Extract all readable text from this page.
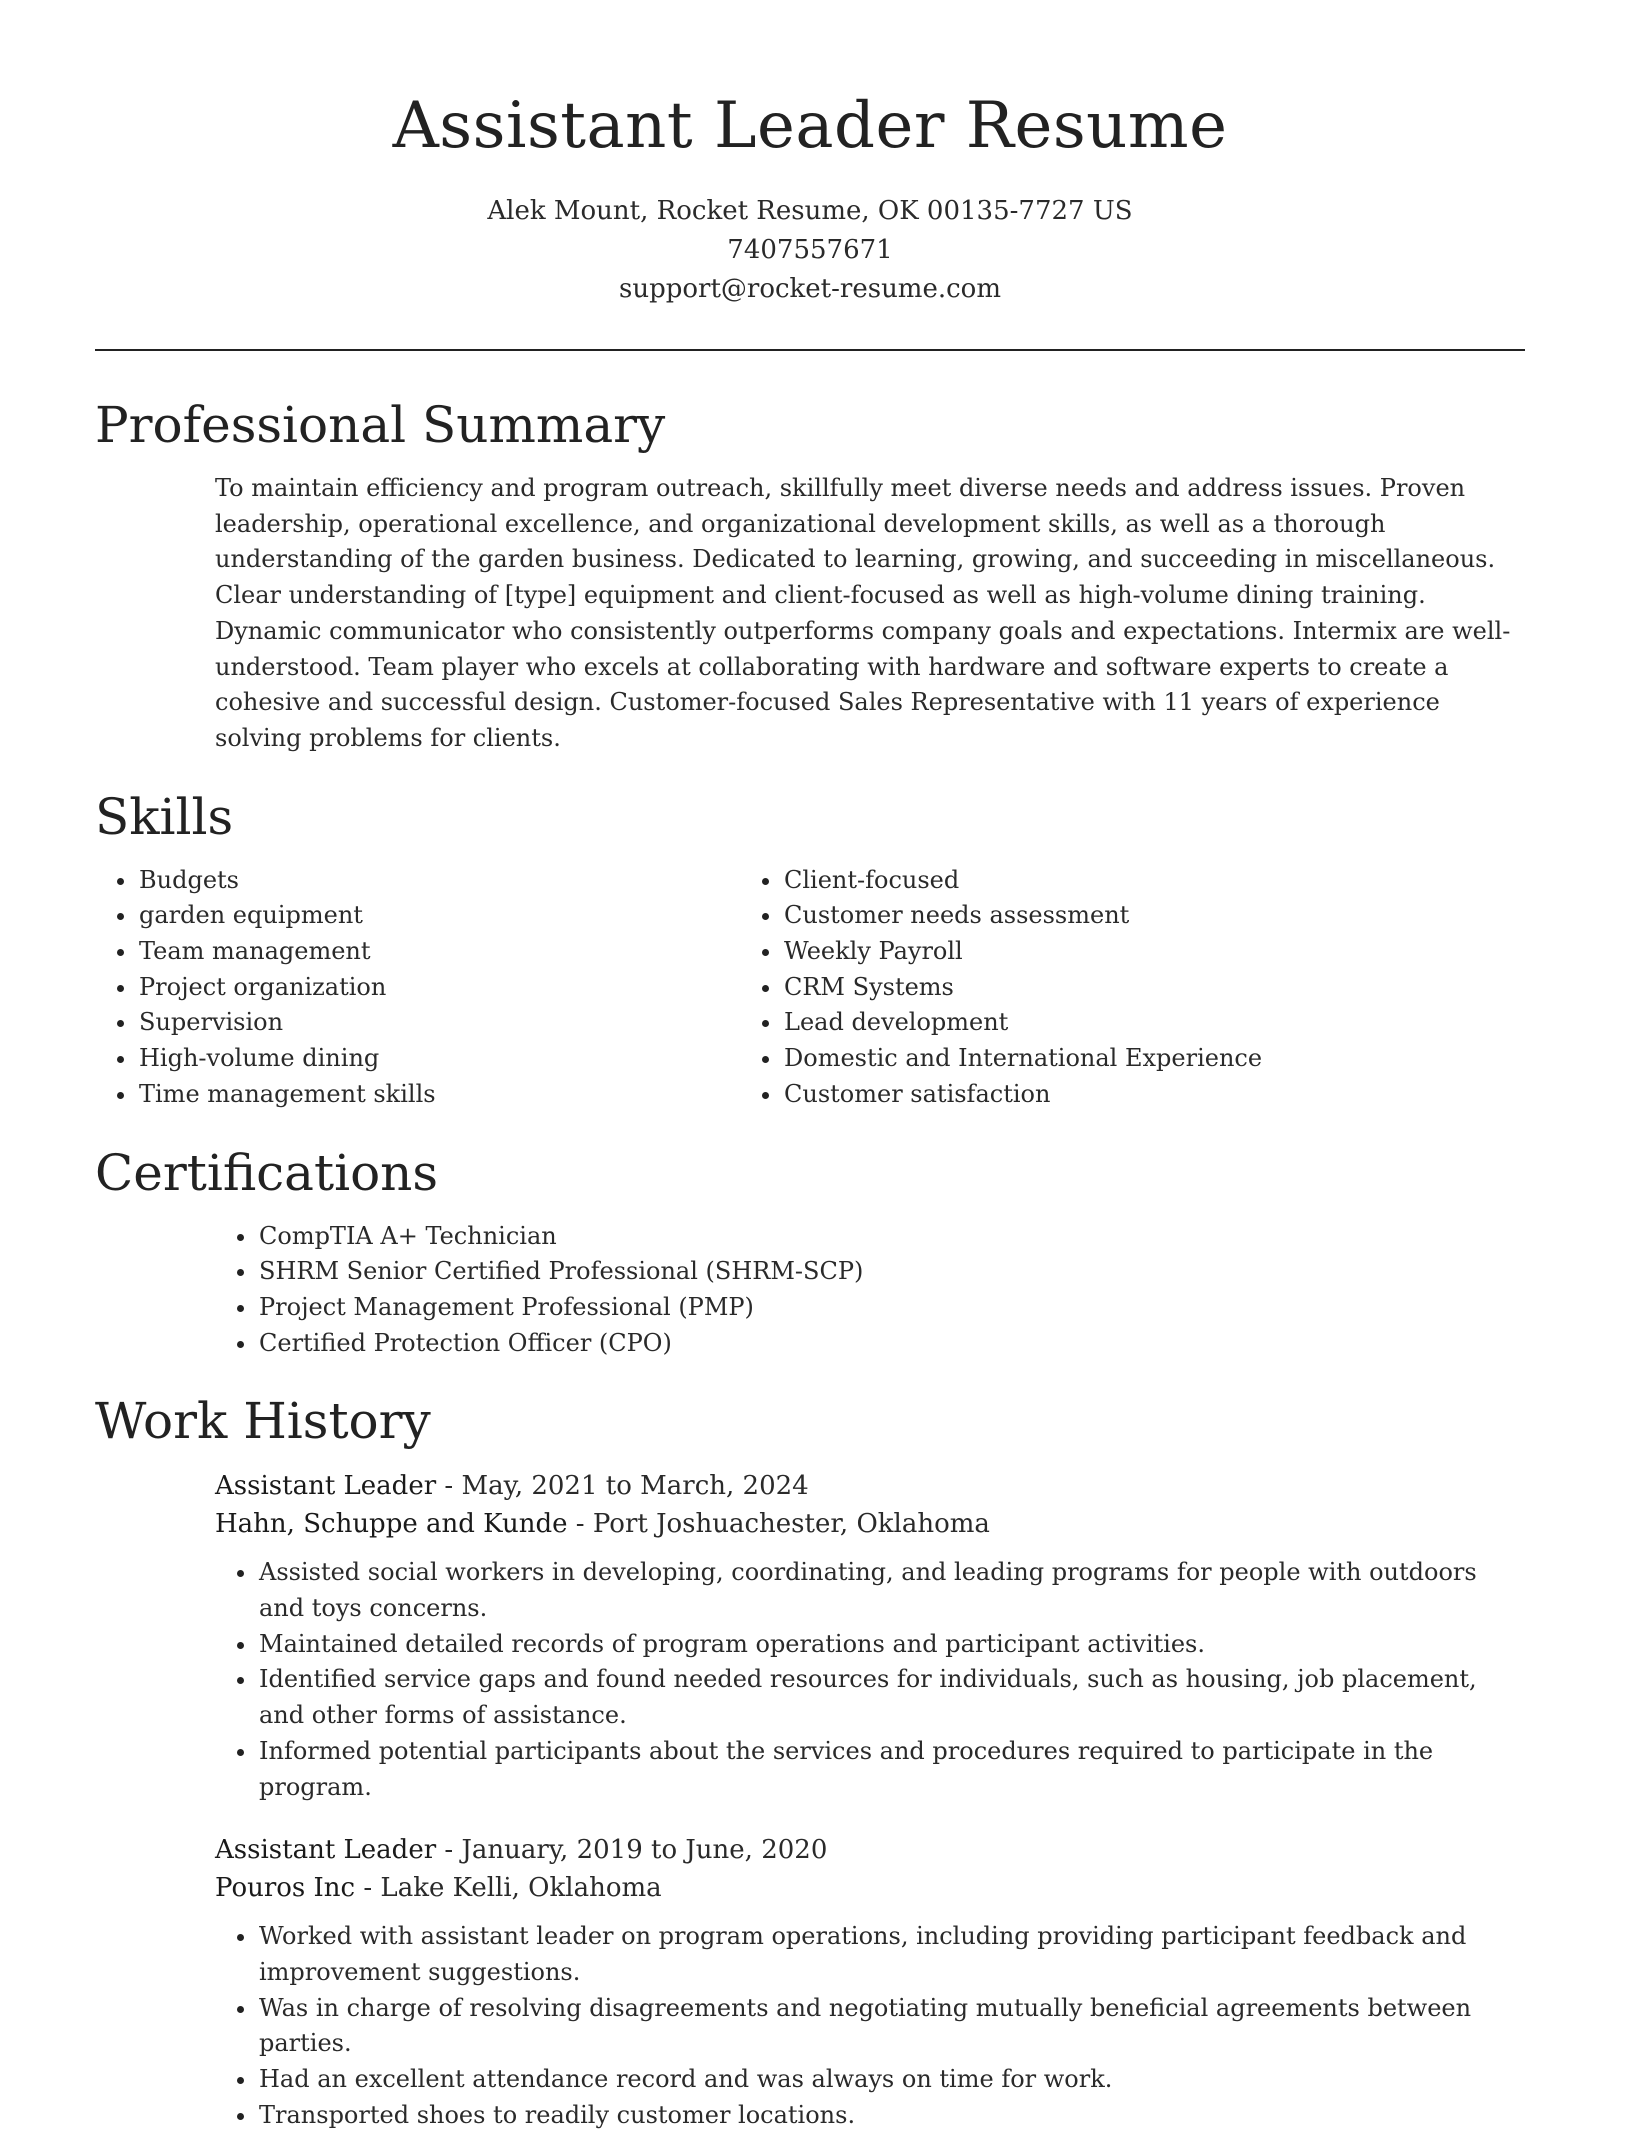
Assistant Leader Resume
Alek Mount, Rocket Resume, OK 00135-7727 US
7407557671
support@rocket-resume.com
Professional Summary

To maintain efficiency and program outreach, skillfully meet diverse needs and address issues. Proven leadership, operational excellence, and organizational development skills, as well as a thorough understanding of the garden business. Dedicated to learning, growing, and succeeding in miscellaneous. Clear understanding of [type] equipment and client-focused as well as high-volume dining training. Dynamic communicator who consistently outperforms company goals and expectations. Intermix are well-understood. Team player who excels at collaborating with hardware and software experts to create a cohesive and successful design. Customer-focused Sales Representative with 11 years of experience solving problems for clients.

Skills
Budgets
garden equipment
Team management
Project organization
Supervision
High-volume dining
Time management skills
Client-focused
Customer needs assessment
Weekly Payroll
CRM Systems
Lead development
Domestic and International Experience
Customer satisfaction
Certifications
CompTIA A+ Technician
SHRM Senior Certified Professional (SHRM-SCP)
Project Management Professional (PMP)
Certified Protection Officer (CPO)
Work History
Assistant Leader - May, 2021 to March, 2024
Hahn, Schuppe and Kunde - Port Joshuachester, Oklahoma
Assisted social workers in developing, coordinating, and leading programs for people with outdoors and toys concerns.
Maintained detailed records of program operations and participant activities.
Identified service gaps and found needed resources for individuals, such as housing, job placement, and other forms of assistance.
Informed potential participants about the services and procedures required to participate in the program.
Assistant Leader - January, 2019 to June, 2020
Pouros Inc - Lake Kelli, Oklahoma
Worked with assistant leader on program operations, including providing participant feedback and improvement suggestions.
Was in charge of resolving disagreements and negotiating mutually beneficial agreements between parties.
Had an excellent attendance record and was always on time for work.
Transported shoes to readily customer locations.
